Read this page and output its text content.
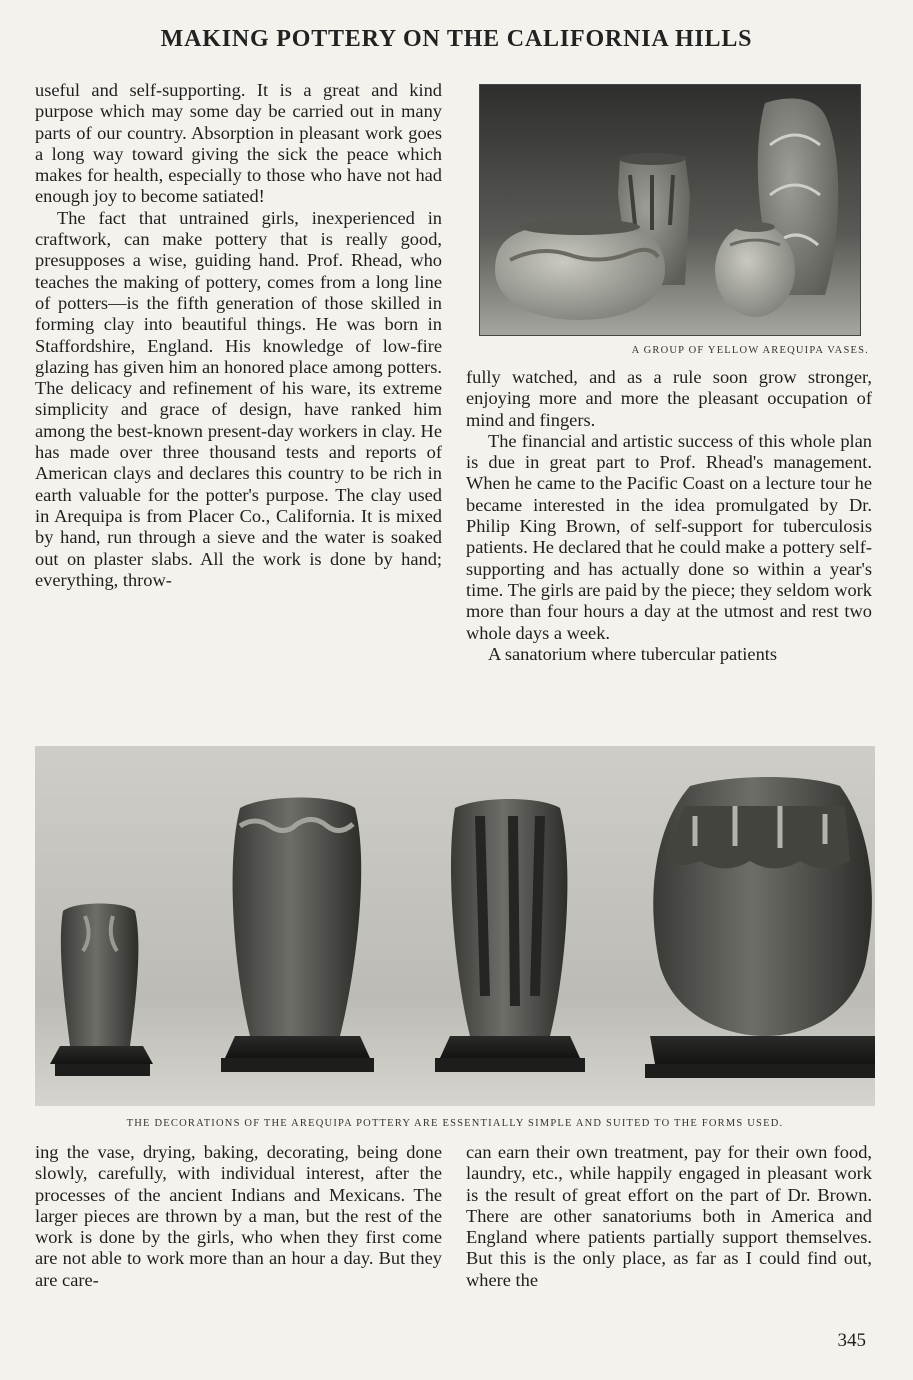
MAKING POTTERY ON THE CALIFORNIA HILLS

useful and self-supporting. It is a great and kind purpose which may some day be carried out in many parts of our country. Absorption in pleasant work goes a long way toward giving the sick the peace which makes for health, especially to those who have not had enough joy to become satiated!

The fact that untrained girls, inexperienced in craftwork, can make pottery that is really good, presupposes a wise, guiding hand. Prof. Rhead, who teaches the making of pottery, comes from a long line of potters—is the fifth generation of those skilled in forming clay into beautiful things. He was born in Staffordshire, England. His knowledge of low-fire glazing has given him an honored place among potters. The delicacy and refinement of his ware, its extreme simplicity and grace of design, have ranked him among the best-known present-day workers in clay. He has made over three thousand tests and reports of American clays and declares this country to be rich in earth valuable for the potter's purpose. The clay used in Arequipa is from Placer Co., California. It is mixed by hand, run through a sieve and the water is soaked out on plaster slabs. All the work is done by hand; everything, throw-

A GROUP OF YELLOW AREQUIPA VASES.

fully watched, and as a rule soon grow stronger, enjoying more and more the pleasant occupation of mind and fingers.

The financial and artistic success of this whole plan is due in great part to Prof. Rhead's management. When he came to the Pacific Coast on a lecture tour he became interested in the idea promulgated by Dr. Philip King Brown, of self-support for tuberculosis patients. He declared that he could make a pottery self-supporting and has actually done so within a year's time. The girls are paid by the piece; they seldom work more than four hours a day at the utmost and rest two whole days a week.

A sanatorium where tubercular patients

THE DECORATIONS OF THE AREQUIPA POTTERY ARE ESSENTIALLY SIMPLE AND SUITED TO THE FORMS USED.

ing the vase, drying, baking, decorating, being done slowly, carefully, with individual interest, after the processes of the ancient Indians and Mexicans. The larger pieces are thrown by a man, but the rest of the work is done by the girls, who when they first come are not able to work more than an hour a day. But they are care-

can earn their own treatment, pay for their own food, laundry, etc., while happily engaged in pleasant work is the result of great effort on the part of Dr. Brown. There are other sanatoriums both in America and England where patients partially support themselves. But this is the only place, as far as I could find out, where the

345
